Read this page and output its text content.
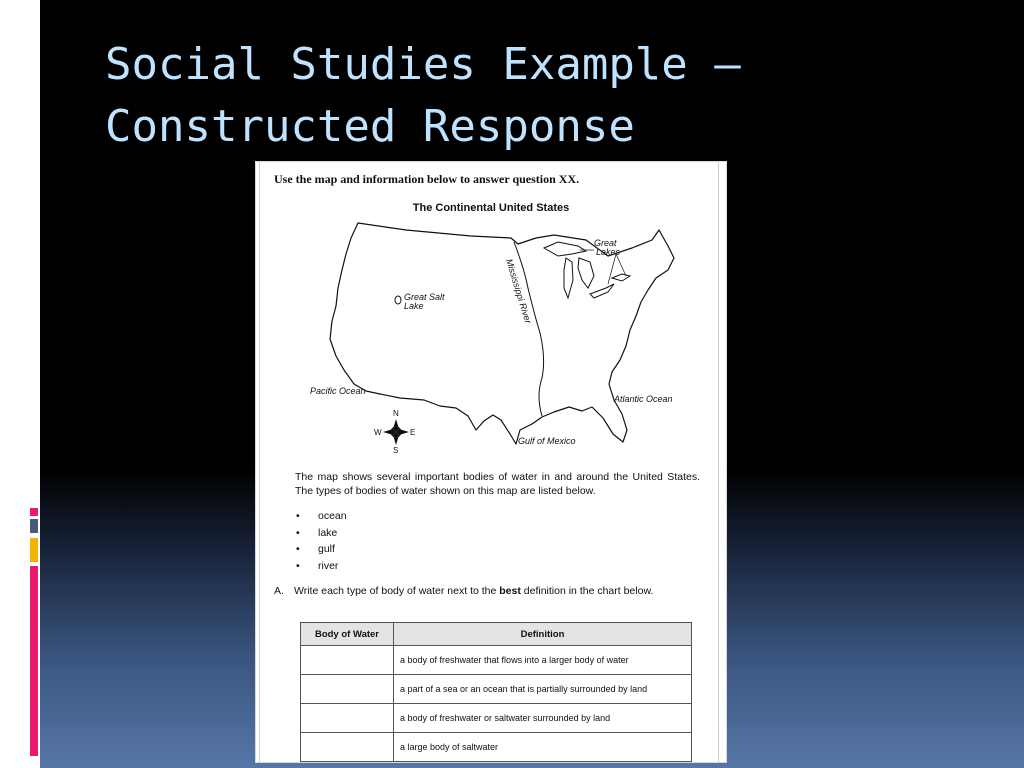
Social Studies Example –
Constructed Response
Use the map and information below to answer question XX.
The Continental United States
Great
Lakes
Great Salt
Lake	Mississippi River
Pacific Ocean
Atlantic Ocean
Gulf of Mexico
N
S
W	E
The map shows several important bodies of water in and around the United States. The types of bodies of water shown on this map are listed below.
• ocean
• lake
• gulf
• river
A. Write each type of body of water next to the best definition in the chart below.
Body of Water	Definition
	a body of freshwater that flows into a larger body of water
	a part of a sea or an ocean that is partially surrounded by land
	a body of freshwater or saltwater surrounded by land
	a large body of saltwater
